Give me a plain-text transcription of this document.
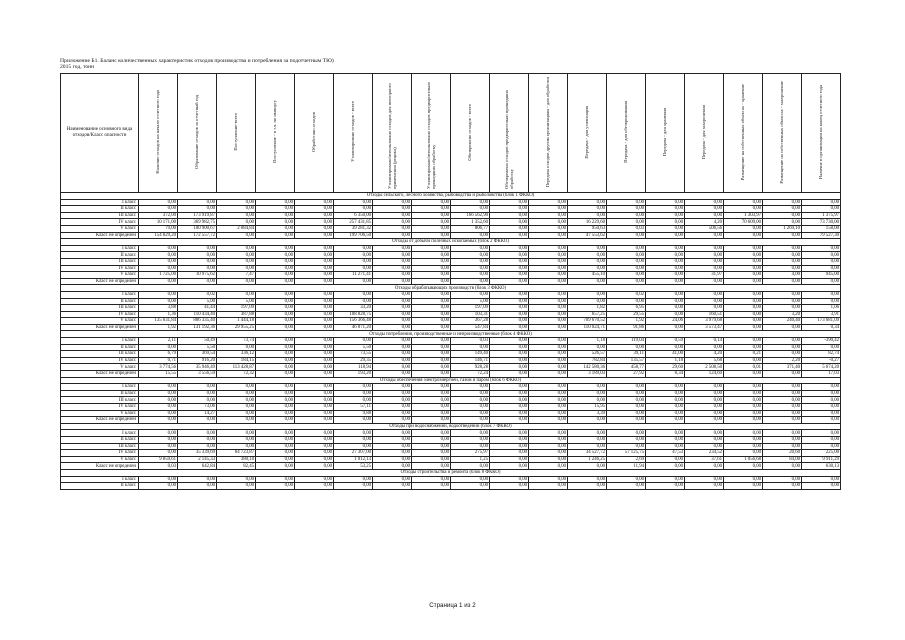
Приложение Б1. Баланс количественных характеристик отходов производства и потребления за подотчетным ТЮ)
2015 год, тонн
Наименование основного вида отходов/Класс опасности	Наличие отходов на начало отчетного года	Образование отходов за отчетный год	Поступление-всего	Поступление - в т.ч. по импорту	Обработано отходов	Утилизировано отходов - всего	Утилизировано/использовано отходов для повторного применения (рецикл)	Утилизировано/использовано отходов предварительно прошедших обработку	Обезврежено отходов - всего	Обезврежено отходов предварительно прошедших обработку	Передача отходов другим организациям - для обработки	Передача - для утилизации	Передача - для обезвреживания	Передача - для хранения	Передача - для захоронения	Размещение на собственных объектах - хранение	Размещение на собственных объектах - захоронение	Наличие в организации на конец отчетного года
Отходы сельского, лесного хозяйства, рыбоводства и рыболовства (блок 1 ФККО)																		
I класс	0,00	0,00	0,00	0,00	0,00	0,00	0,00	0,00	0,00	0,00	0,00	0,00	0,00	0,00	0,00	0,00	0,00	0,00
II класс	0,00	0,00	0,00	0,00	0,00	0,00	0,00	0,00	0,00	0,00	0,00	0,00	0,00	0,00	0,00	0,00	0,00	0,00
III класс	372,00	173 919,87	0,00	0,00	0,00	6 350,00	0,00	0,00	166 562,90	0,00	0,00	0,00	0,00	0,00	0,00	1 303,97	0,00	1 375,97
IV класс	10 171,00	369 982,75	0,00	0,00	0,00	257 431,85	0,00	0,00	1 352,60	0,00	0,00	16 229,60	0,00	0,00	4,20	70 609,00	0,00	73 730,00
V класс	79,00	100 900,67	2 084,84	0,00	0,00	39 281,32	0,00	0,00	806,77	0,00	0,00	950,63	0,03	0,00	506,56	0,00	1 269,10	158,00
Класс не определен	154 829,20	172 557,72	0,00	0,00	0,00	199 706,50	0,00	0,00	0,00	0,00	0,00	47 553,62	0,00	0,00	0,00	0,00	0,00	79 527,30
Отходы от добычи полезных ископаемых (блок 2 ФККО)																		
I класс	0,00	0,00	0,00	0,00	0,00	0,00	0,00	0,00	0,00	0,00	0,00	0,00	0,00	0,00	0,00	0,00	0,00	0,00
II класс	0,00	0,00	0,00	0,00	0,00	0,00	0,00	0,00	0,00	0,00	0,00	0,00	0,00	0,00	0,00	0,00	0,00	0,00
III класс	0,00	0,00	0,00	0,00	0,00	0,00	0,00	0,00	0,00	0,00	0,00	0,00	0,00	0,00	0,00	0,00	0,00	0,00
IV класс	0,00	0,00	0,00	0,00	0,00	0,00	0,00	0,00	0,00	0,00	0,00	0,00	0,00	0,00	0,00	0,00	0,00	0,00
V класс	1 725,00	10 975,62	7,47	0,00	0,00	11 271,41	0,00	0,00	0,00	0,00	0,00	455,10	0,00	0,00	31,97	0,00	4,00	945,00
Класс не определен	0,00	0,00	0,00	0,00	0,00	0,00	0,00	0,00	0,00	0,00	0,00	0,00	0,00	0,00	0,00	0,00	0,00	0,00
Отходы обрабатывающих производств (блок 3 ФККО)																		
I класс	0,00	0,02	0,00	0,00	0,00	0,00	0,00	0,00	0,00	0,00	0,00	0,00	0,02	0,00	0,00	0,00	0,00	0,00
II класс	0,00	5,00	5,00	0,00	0,00	0,00	0,00	0,00	5,00	0,00	0,00	0,00	0,00	0,00	0,00	0,00	0,00	0,00
III класс	3,88	41,44	197,09	0,00	0,00	33,20	0,00	0,00	197,09	0,00	0,00	1,82	6,95	0,00	0,00	0,00	0,00	1,06
IV класс	1,36	110 434,40	387,88	0,00	0,00	108 828,75	0,00	0,00	103,31	0,00	0,00	657,25	29,55	0,00	160,51	0,00	3,20	3,91
V класс	135 631,84	886 335,40	1 444,18	0,00	0,00	156 366,48	0,00	0,00	367,28	0,00	0,00	709 670,52	1,92	24,06	3 979,68	0,00	240,40	173 681,09
Класс не определен	1,92	131 192,36	29 955,25	0,00	0,00	46 871,20	0,00	0,00	547,84	0,00	0,00	110 024,71	91,86	0,00	3 573,47	0,00	0,00	0,34
Отходы потребления, производственные и непроизводственные (блок 4 ФККО)																		
I класс	2,11	50,49	73,74	0,00	0,00	0,00	0,00	0,00	0,03	0,00	0,00	1,18	119,04	0,59	0,14	0,00	0,00	-390,42
II класс	0,00	5,50	0,00	0,00	0,00	5,50	0,00	0,00	0,00	0,00	0,00	0,00	0,00	0,00	0,00	0,00	0,00	0,00
III класс	6,79	369,54	336,12	0,00	0,00	73,55	0,00	0,00	149,40	0,00	0,00	526,57	39,11	41,00	4,20	0,21	0,00	82,74
IV класс	0,71	916,20	184,15	0,00	0,00	29,35	0,00	0,00	146,71	0,00	0,00	782,84	135,57	1,18	5,68	0,00	2,20	-0,27
V класс	3 774,56	35 946,49	113 428,87	0,00	0,00	118,94	0,00	0,00	928,28	0,00	0,00	142 580,36	458,77	29,60	2 508,50	0,01	371,40	5 674,20
Класс не определен	15,55	3 556,59	72,32	0,00	0,00	193,20	0,00	0,00	72,24	0,00	0,00	3 189,03	27,92	8,34	124,69	0,00	0,00	17,03
Отходы обеспечения электроэнергией, газом и паром (блок 6 ФККО)																		
I класс	0,00	0,00	0,00	0,00	0,00	0,00	0,00	0,00	0,00	0,00	0,00	0,00	0,00	0,00	0,00	0,00	0,00	0,00
II класс	0,00	0,00	0,00	0,00	0,00	0,00	0,00	0,00	0,00	0,00	0,00	0,00	0,00	0,00	0,00	0,00	0,00	0,00
III класс	0,00	0,00	0,00	0,00	0,00	0,00	0,00	0,00	0,00	0,00	0,00	0,00	0,00	0,00	0,00	0,00	0,00	0,00
IV класс	0,00	73,06	0,00	0,00	0,00	57,11	0,00	0,00	0,00	0,00	0,00	15,95	0,00	0,00	0,00	0,00	0,00	0,00
V класс	0,00	14,27	0,00	0,00	0,00	9,88	0,00	0,00	0,00	0,00	0,00	3,39	0,00	0,00	0,00	0,00	0,00	0,00
Класс не определен	0,00	0,00	0,00	0,00	0,00	0,00	0,00	0,00	0,00	0,00	0,00	0,00	0,00	0,00	0,00	0,00	0,00	0,00
Отходы при водоснабжении, водоотведении (блок 7 ФККО)																		
I класс	0,00	0,00	0,00	0,00	0,00	0,00	0,00	0,00	0,00	0,00	0,00	0,00	0,00	0,00	0,00	0,00	0,00	0,00
II класс	0,00	0,00	0,00	0,00	0,00	0,00	0,00	0,00	0,00	0,00	0,00	0,00	0,00	0,00	0,00	0,00	0,00	0,00
III класс	0,00	0,00	0,00	0,00	0,00	0,00	0,00	0,00	0,00	0,00	0,00	0,00	0,00	0,00	0,00	0,00	0,00	0,00
IV класс	0,00	35 339,69	84 723,87	0,00	0,00	27 307,00	0,00	0,00	275,97	0,00	0,00	34 527,72	57 125,75	47,53	234,52	0,00	20,60	225,00
V класс	9 859,61	2 145,33	380,18	0,00	0,00	1 012,13	0,00	0,00	1,25	0,00	0,00	1 246,25	2,69	0,00	37,61	1 056,68	84,00	9 911,29
Класс не определен	0,03	642,84	82,45	0,00	0,00	53,25	0,00	0,00	0,00	0,00	0,00	0,00	11,94	0,00	0,00	0,00	0,00	630,13
Отходы строительства и ремонта (блок 8 ФККО)																		
I класс	0,00	0,00	0,00	0,00	0,00	0,00	0,00	0,00	0,00	0,00	0,00	0,00	0,00	0,00	0,00	0,00	0,00	0,00
II класс	0,00	0,00	0,00	0,00	0,00	0,00	0,00	0,00	0,00	0,00	0,00	0,00	0,00	0,00	0,00	0,00	0,00	0,00
Страница 1 из 2
